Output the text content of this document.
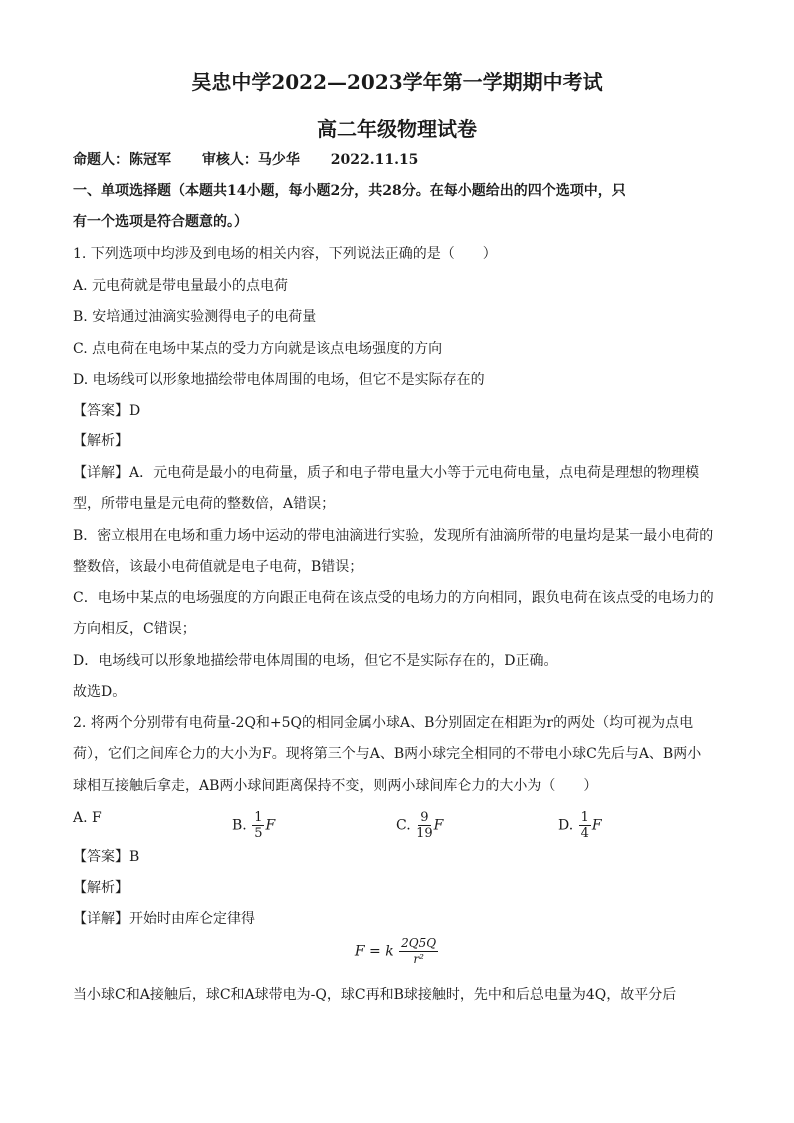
吴忠中学2022—2023学年第一学期期中考试
高二年级物理试卷
命题人：陈冠军 审核人：马少华 2022.11.15
一、单项选择题（本题共14小题，每小题2分，共28分。在每小题给出的四个选项中，只
有一个选项是符合题意的。）
1. 下列选项中均涉及到电场的相关内容，下列说法正确的是（　　）
A. 元电荷就是带电量最小的点电荷
B. 安培通过油滴实验测得电子的电荷量
C. 点电荷在电场中某点的受力方向就是该点电场强度的方向
D. 电场线可以形象地描绘带电体周围的电场，但它不是实际存在的
【答案】D
【解析】
【详解】A．元电荷是最小的电荷量，质子和电子带电量大小等于元电荷电量，点电荷是理想的物理模
型，所带电量是元电荷的整数倍，A错误；
B．密立根用在电场和重力场中运动的带电油滴进行实验，发现所有油滴所带的电量均是某一最小电荷的
整数倍，该最小电荷值就是电子电荷，B错误；
C．电场中某点的电场强度的方向跟正电荷在该点受的电场力的方向相同，跟负电荷在该点受的电场力的
方向相反，C错误；
D．电场线可以形象地描绘带电体周围的电场，但它不是实际存在的，D正确。
故选D。
2. 将两个分别带有电荷量-2Q和+5Q的相同金属小球A、B分别固定在相距为r的两处（均可视为点电
荷），它们之间库仑力的大小为F。现将第三个与A、B两小球完全相同的不带电小球C先后与A、B两小
球相互接触后拿走，AB两小球间距离保持不变，则两小球间库仑力的大小为（　　）
A. F	B. $\frac{1}{5}$ F	C. $\frac{9}{19}$ F	D. $\frac{1}{4}$ F
【答案】B
【解析】
【详解】开始时由库仑定律得
F = k $\frac{2Q5Q}{\text{r²}}$
当小球C和A接触后，球C和A球带电为-Q，球C再和B球接触时，先中和后总电量为4Q，故平分后
